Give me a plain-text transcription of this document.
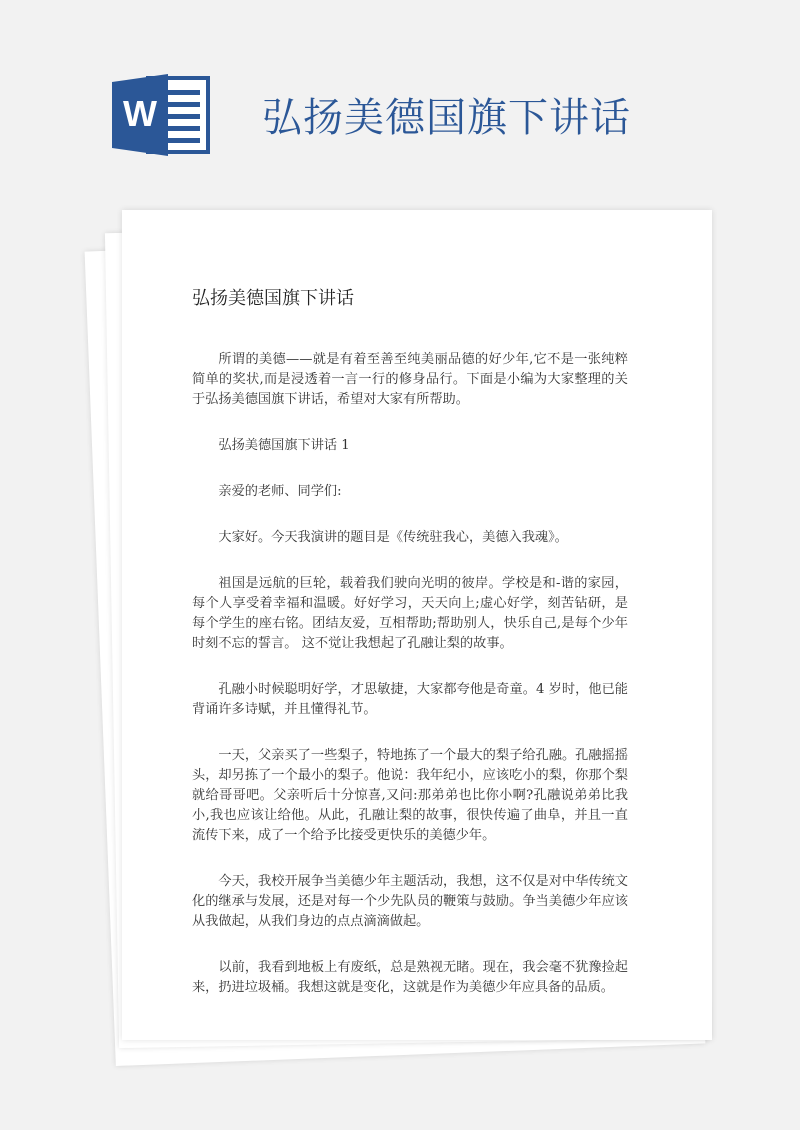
W	弘扬美德国旗下讲话
弘扬美德国旗下讲话

所谓的美德——就是有着至善至纯美丽品德的好少年,它不是一张纯粹简单的奖状,而是浸透着一言一行的修身品行。下面是小编为大家整理的关于弘扬美德国旗下讲话，希望对大家有所帮助。

弘扬美德国旗下讲话 1

亲爱的老师、同学们:

大家好。今天我演讲的题目是《传统驻我心，美德入我魂》。

祖国是远航的巨轮，载着我们驶向光明的彼岸。学校是和-谐的家园，每个人享受着幸福和温暖。好好学习，天天向上;虚心好学，刻苦钻研，是每个学生的座右铭。团结友爱，互相帮助;帮助别人，快乐自己,是每个少年时刻不忘的誓言。 这不觉让我想起了孔融让梨的故事。

孔融小时候聪明好学，才思敏捷，大家都夸他是奇童。4 岁时，他已能背诵许多诗赋，并且懂得礼节。

一天，父亲买了一些梨子，特地拣了一个最大的梨子给孔融。孔融摇摇头，却另拣了一个最小的梨子。他说：我年纪小，应该吃小的梨，你那个梨就给哥哥吧。父亲听后十分惊喜,又问:那弟弟也比你小啊?孔融说弟弟比我小,我也应该让给他。从此，孔融让梨的故事，很快传遍了曲阜，并且一直流传下来，成了一个给予比接受更快乐的美德少年。

今天，我校开展争当美德少年主题活动，我想，这不仅是对中华传统文化的继承与发展，还是对每一个少先队员的鞭策与鼓励。争当美德少年应该从我做起，从我们身边的点点滴滴做起。

以前，我看到地板上有废纸，总是熟视无睹。现在，我会毫不犹豫捡起来，扔进垃圾桶。我想这就是变化，这就是作为美德少年应具备的品质。
